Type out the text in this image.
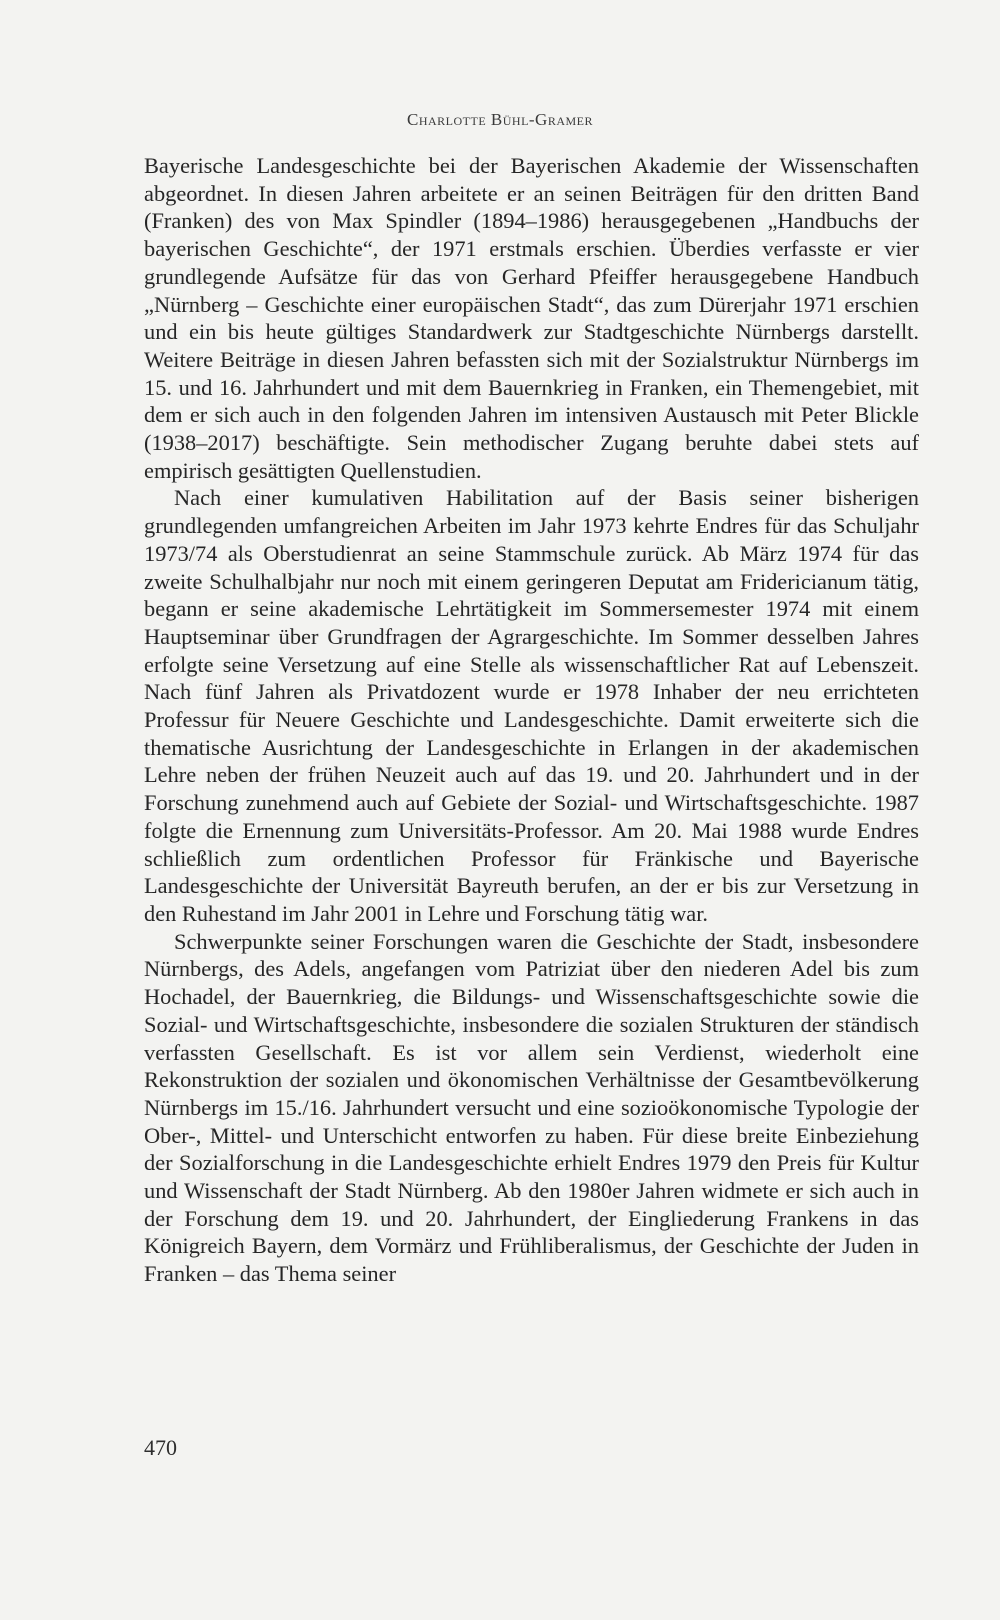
Charlotte Bühl-Gramer

Bayerische Landesgeschichte bei der Bayerischen Akademie der Wissenschaften abgeordnet. In diesen Jahren arbeitete er an seinen Beiträgen für den dritten Band (Franken) des von Max Spindler (1894–1986) herausgegebenen „Handbuchs der bayerischen Geschichte“, der 1971 erstmals erschien. Überdies verfasste er vier grundlegende Aufsätze für das von Gerhard Pfeiffer herausgegebene Handbuch „Nürnberg – Geschichte einer europäischen Stadt“, das zum Dürerjahr 1971 erschien und ein bis heute gültiges Standardwerk zur Stadtgeschichte Nürnbergs darstellt. Weitere Beiträge in diesen Jahren befassten sich mit der Sozialstruktur Nürnbergs im 15. und 16. Jahrhundert und mit dem Bauernkrieg in Franken, ein Themengebiet, mit dem er sich auch in den folgenden Jahren im intensiven Austausch mit Peter Blickle (1938–2017) beschäftigte. Sein methodischer Zugang beruhte dabei stets auf empirisch gesättigten Quellenstudien.

Nach einer kumulativen Habilitation auf der Basis seiner bisherigen grundlegenden umfangreichen Arbeiten im Jahr 1973 kehrte Endres für das Schuljahr 1973/74 als Oberstudienrat an seine Stammschule zurück. Ab März 1974 für das zweite Schulhalbjahr nur noch mit einem geringeren Deputat am Fridericianum tätig, begann er seine akademische Lehrtätigkeit im Sommersemester 1974 mit einem Hauptseminar über Grundfragen der Agrargeschichte. Im Sommer desselben Jahres erfolgte seine Versetzung auf eine Stelle als wissenschaftlicher Rat auf Lebenszeit. Nach fünf Jahren als Privatdozent wurde er 1978 Inhaber der neu errichteten Professur für Neuere Geschichte und Landesgeschichte. Damit erweiterte sich die thematische Ausrichtung der Landesgeschichte in Erlangen in der akademischen Lehre neben der frühen Neuzeit auch auf das 19. und 20. Jahrhundert und in der Forschung zunehmend auch auf Gebiete der Sozial- und Wirtschaftsgeschichte. 1987 folgte die Ernennung zum Universitäts-Professor. Am 20. Mai 1988 wurde Endres schließlich zum ordentlichen Professor für Fränkische und Bayerische Landesgeschichte der Universität Bayreuth berufen, an der er bis zur Versetzung in den Ruhestand im Jahr 2001 in Lehre und Forschung tätig war.

Schwerpunkte seiner Forschungen waren die Geschichte der Stadt, insbesondere Nürnbergs, des Adels, angefangen vom Patriziat über den niederen Adel bis zum Hochadel, der Bauernkrieg, die Bildungs- und Wissenschaftsgeschichte sowie die Sozial- und Wirtschaftsgeschichte, insbesondere die sozialen Strukturen der ständisch verfassten Gesellschaft. Es ist vor allem sein Verdienst, wiederholt eine Rekonstruktion der sozialen und ökonomischen Verhältnisse der Gesamtbevölkerung Nürnbergs im 15./16. Jahrhundert versucht und eine sozioökonomische Typologie der Ober-, Mittel- und Unterschicht entworfen zu haben. Für diese breite Einbeziehung der Sozialforschung in die Landesgeschichte erhielt Endres 1979 den Preis für Kultur und Wissenschaft der Stadt Nürnberg. Ab den 1980er Jahren widmete er sich auch in der Forschung dem 19. und 20. Jahrhundert, der Eingliederung Frankens in das Königreich Bayern, dem Vormärz und Frühliberalismus, der Geschichte der Juden in Franken – das Thema seiner

470
